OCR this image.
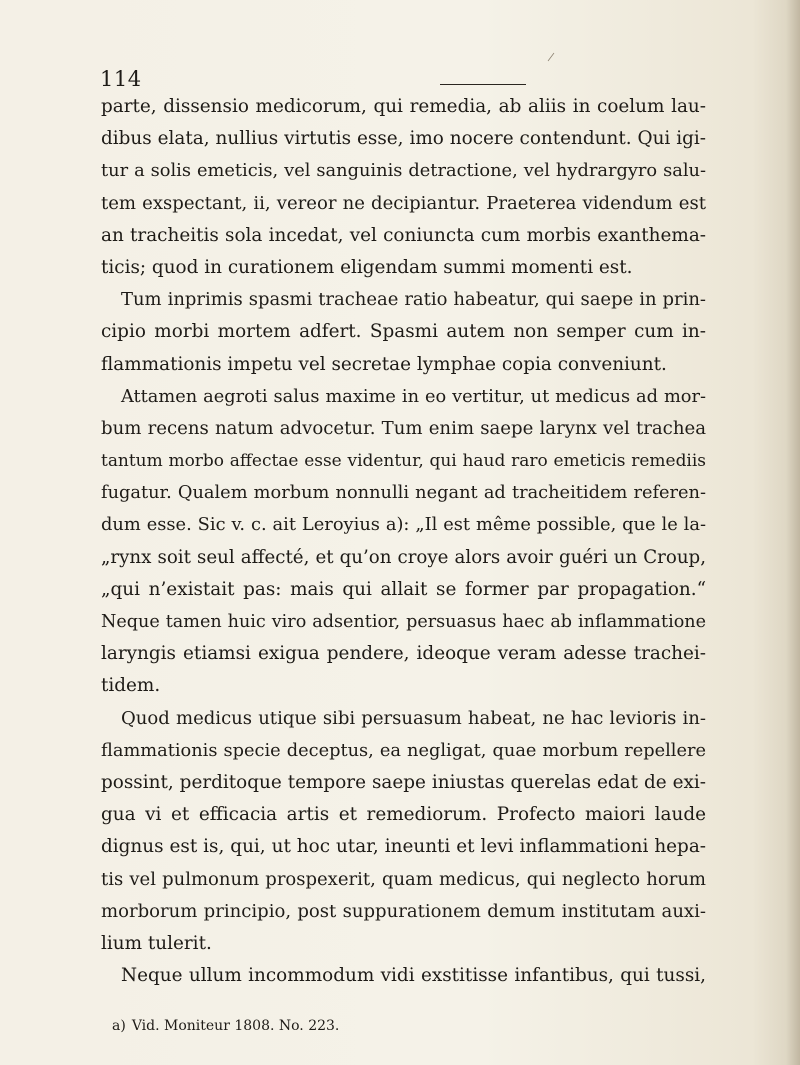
114
parte, dissensio medicorum, qui remedia, ab aliis in coelum lau-
dibus elata, nullius virtutis esse, imo nocere contendunt. Qui igi-
tur a solis emeticis, vel sanguinis detractione, vel hydrargyro salu-
tem exspectant, ii, vereor ne decipiantur. Praeterea videndum est
an tracheitis sola incedat, vel coniuncta cum morbis exanthema-
ticis; quod in curationem eligendam summi momenti est.
Tum inprimis spasmi tracheae ratio habeatur, qui saepe in prin-
cipio morbi mortem adfert. Spasmi autem non semper cum in-
flammationis impetu vel secretae lymphae copia conveniunt.
Attamen aegroti salus maxime in eo vertitur, ut medicus ad mor-
bum recens natum advocetur. Tum enim saepe larynx vel trachea
tantum morbo affectae esse videntur, qui haud raro emeticis remediis
fugatur. Qualem morbum nonnulli negant ad tracheitidem referen-
dum esse. Sic v. c. ait Leroyius a): „Il est même possible, que le la-
„rynx soit seul affecté, et qu’on croye alors avoir guéri un Croup,
„qui n’existait pas: mais qui allait se former par propagation.“
Neque tamen huic viro adsentior, persuasus haec ab inflammatione
laryngis etiamsi exigua pendere, ideoque veram adesse trachei-
tidem.
Quod medicus utique sibi persuasum habeat, ne hac levioris in-
flammationis specie deceptus, ea negligat, quae morbum repellere
possint, perditoque tempore saepe iniustas querelas edat de exi-
gua vi et efficacia artis et remediorum. Profecto maiori laude
dignus est is, qui, ut hoc utar, ineunti et levi inflammationi hepa-
tis vel pulmonum prospexerit, quam medicus, qui neglecto horum
morborum principio, post suppurationem demum institutam auxi-
lium tulerit.
Neque ullum incommodum vidi exstitisse infantibus, qui tussi,
a) Vid. Moniteur 1808. No. 223.
